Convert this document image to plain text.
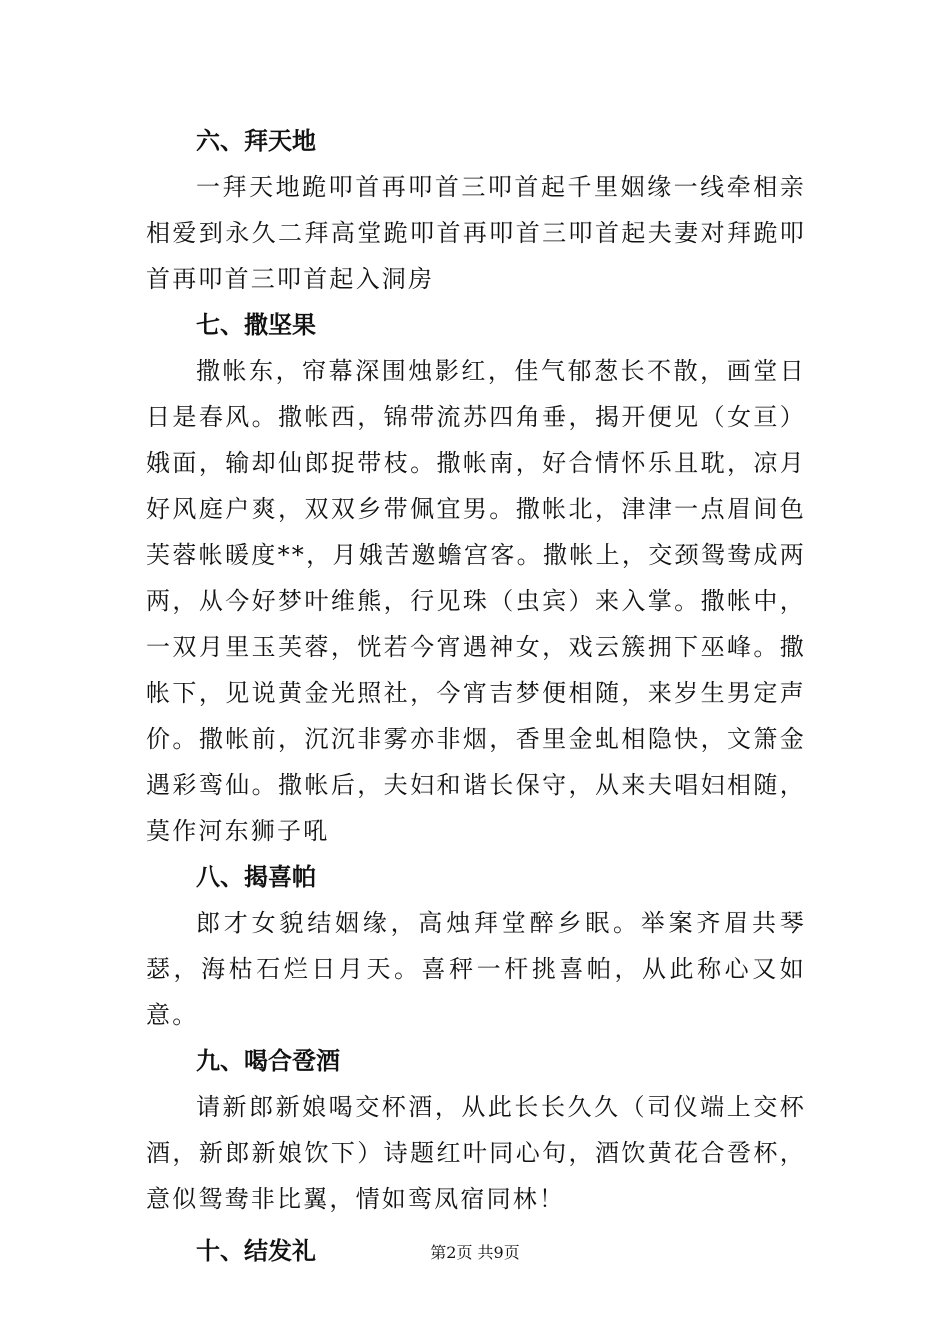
六、拜天地

一拜天地跪叩首再叩首三叩首起千里姻缘一线牵相亲相爱到永久二拜高堂跪叩首再叩首三叩首起夫妻对拜跪叩首再叩首三叩首起入洞房

七、撒坚果

撒帐东，帘幕深围烛影红，佳气郁葱长不散，画堂日日是春风。撒帐西，锦带流苏四角垂，揭开便见（女亘）娥面，输却仙郎捉带枝。撒帐南，好合情怀乐且耽，凉月好风庭户爽，双双乡带佩宜男。撒帐北，津津一点眉间色芙蓉帐暖度**，月娥苦邀蟾宫客。撒帐上，交颈鸳鸯成两两，从今好梦叶维熊，行见珠（虫宾）来入掌。撒帐中，一双月里玉芙蓉，恍若今宵遇神女，戏云簇拥下巫峰。撒帐下，见说黄金光照社，今宵吉梦便相随，来岁生男定声价。撒帐前，沉沉非雾亦非烟，香里金虬相隐快，文箫金遇彩鸾仙。撒帐后，夫妇和谐长保守，从来夫唱妇相随，莫作河东狮子吼

八、揭喜帕

郎才女貌结姻缘，高烛拜堂醉乡眠。举案齐眉共琴瑟，海枯石烂日月天。喜秤一杆挑喜帕，从此称心又如意。

九、喝合卺酒

请新郎新娘喝交杯酒，从此长长久久（司仪端上交杯酒，新郎新娘饮下）诗题红叶同心句，酒饮黄花合卺杯，意似鸳鸯非比翼，情如鸾凤宿同林！

十、结发礼	第2页 共9页
